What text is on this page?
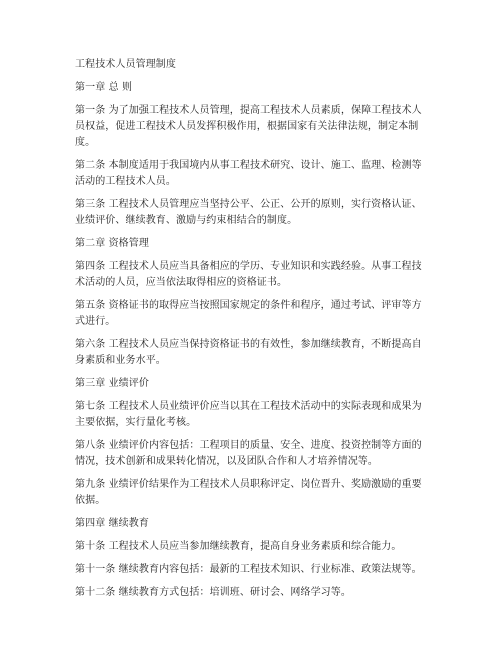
工程技术人员管理制度

第一章 总 则

第一条 为了加强工程技术人员管理，提高工程技术人员素质，保障工程技术人员权益，促进工程技术人员发挥积极作用，根据国家有关法律法规，制定本制度。

第二条 本制度适用于我国境内从事工程技术研究、设计、施工、监理、检测等活动的工程技术人员。

第三条 工程技术人员管理应当坚持公平、公正、公开的原则，实行资格认证、业绩评价、继续教育、激励与约束相结合的制度。

第二章 资格管理

第四条 工程技术人员应当具备相应的学历、专业知识和实践经验。从事工程技术活动的人员，应当依法取得相应的资格证书。

第五条 资格证书的取得应当按照国家规定的条件和程序，通过考试、评审等方式进行。

第六条 工程技术人员应当保持资格证书的有效性，参加继续教育，不断提高自身素质和业务水平。

第三章 业绩评价

第七条 工程技术人员业绩评价应当以其在工程技术活动中的实际表现和成果为主要依据，实行量化考核。

第八条 业绩评价内容包括：工程项目的质量、安全、进度、投资控制等方面的情况，技术创新和成果转化情况，以及团队合作和人才培养情况等。

第九条 业绩评价结果作为工程技术人员职称评定、岗位晋升、奖励激励的重要依据。

第四章 继续教育

第十条 工程技术人员应当参加继续教育，提高自身业务素质和综合能力。

第十一条 继续教育内容包括：最新的工程技术知识、行业标准、政策法规等。

第十二条 继续教育方式包括：培训班、研讨会、网络学习等。
